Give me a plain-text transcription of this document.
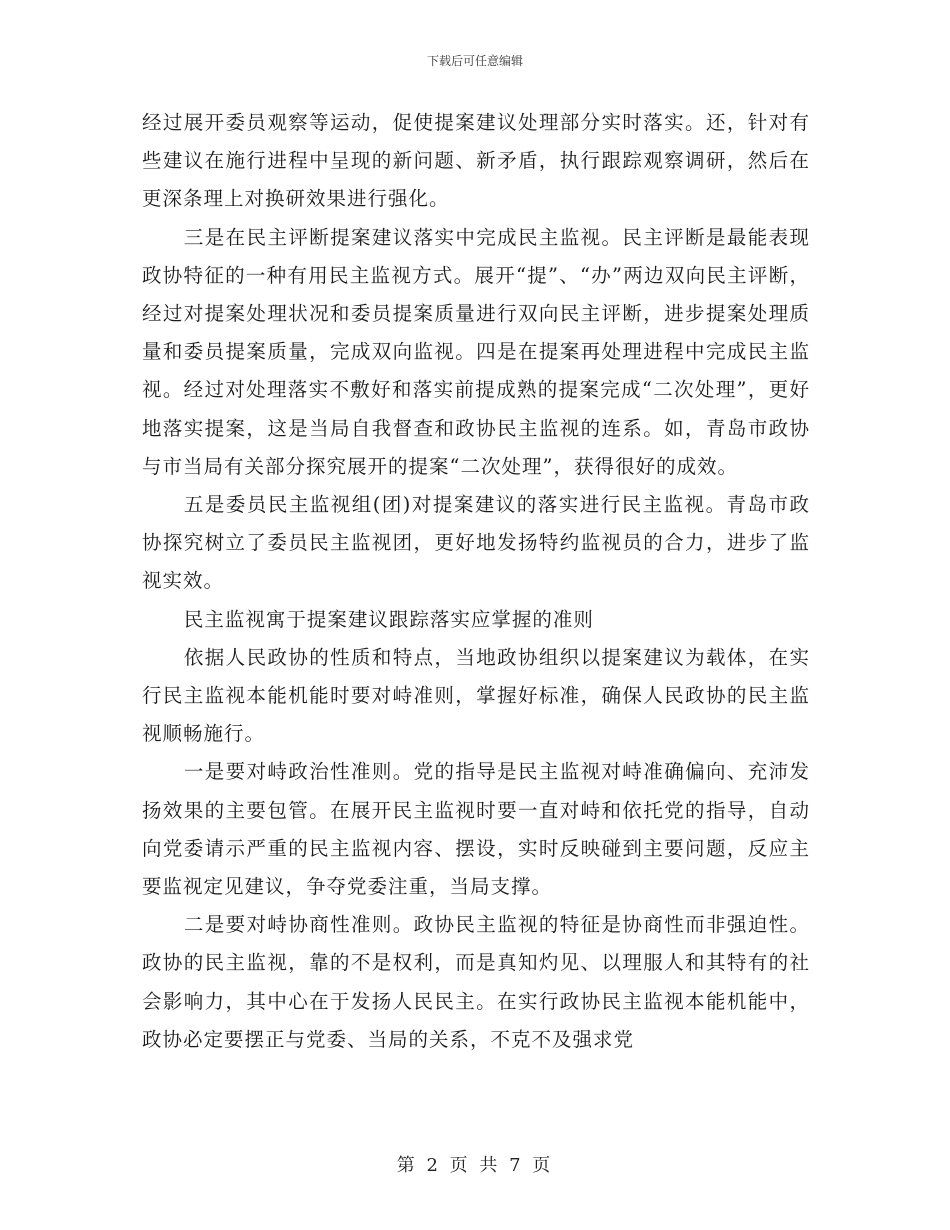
下载后可任意编辑

经过展开委员观察等运动，促使提案建议处理部分实时落实。还，针对有些建议在施行进程中呈现的新问题、新矛盾，执行跟踪观察调研，然后在更深条理上对换研效果进行强化。

三是在民主评断提案建议落实中完成民主监视。民主评断是最能表现政协特征的一种有用民主监视方式。展开“提”、“办”两边双向民主评断，经过对提案处理状况和委员提案质量进行双向民主评断，进步提案处理质量和委员提案质量，完成双向监视。四是在提案再处理进程中完成民主监视。经过对处理落实不敷好和落实前提成熟的提案完成“二次处理”，更好地落实提案，这是当局自我督查和政协民主监视的连系。如，青岛市政协与市当局有关部分探究展开的提案“二次处理”，获得很好的成效。

五是委员民主监视组(团)对提案建议的落实进行民主监视。青岛市政协探究树立了委员民主监视团，更好地发扬特约监视员的合力，进步了监视实效。

民主监视寓于提案建议跟踪落实应掌握的准则

依据人民政协的性质和特点，当地政协组织以提案建议为载体，在实行民主监视本能机能时要对峙准则，掌握好标准，确保人民政协的民主监视顺畅施行。

一是要对峙政治性准则。党的指导是民主监视对峙准确偏向、充沛发扬效果的主要包管。在展开民主监视时要一直对峙和依托党的指导，自动向党委请示严重的民主监视内容、摆设，实时反映碰到主要问题，反应主要监视定见建议，争夺党委注重，当局支撑。

二是要对峙协商性准则。政协民主监视的特征是协商性而非强迫性。政协的民主监视，靠的不是权利，而是真知灼见、以理服人和其特有的社会影响力，其中心在于发扬人民民主。在实行政协民主监视本能机能中，政协必定要摆正与党委、当局的关系，不克不及强求党

第 2 页 共 7 页
